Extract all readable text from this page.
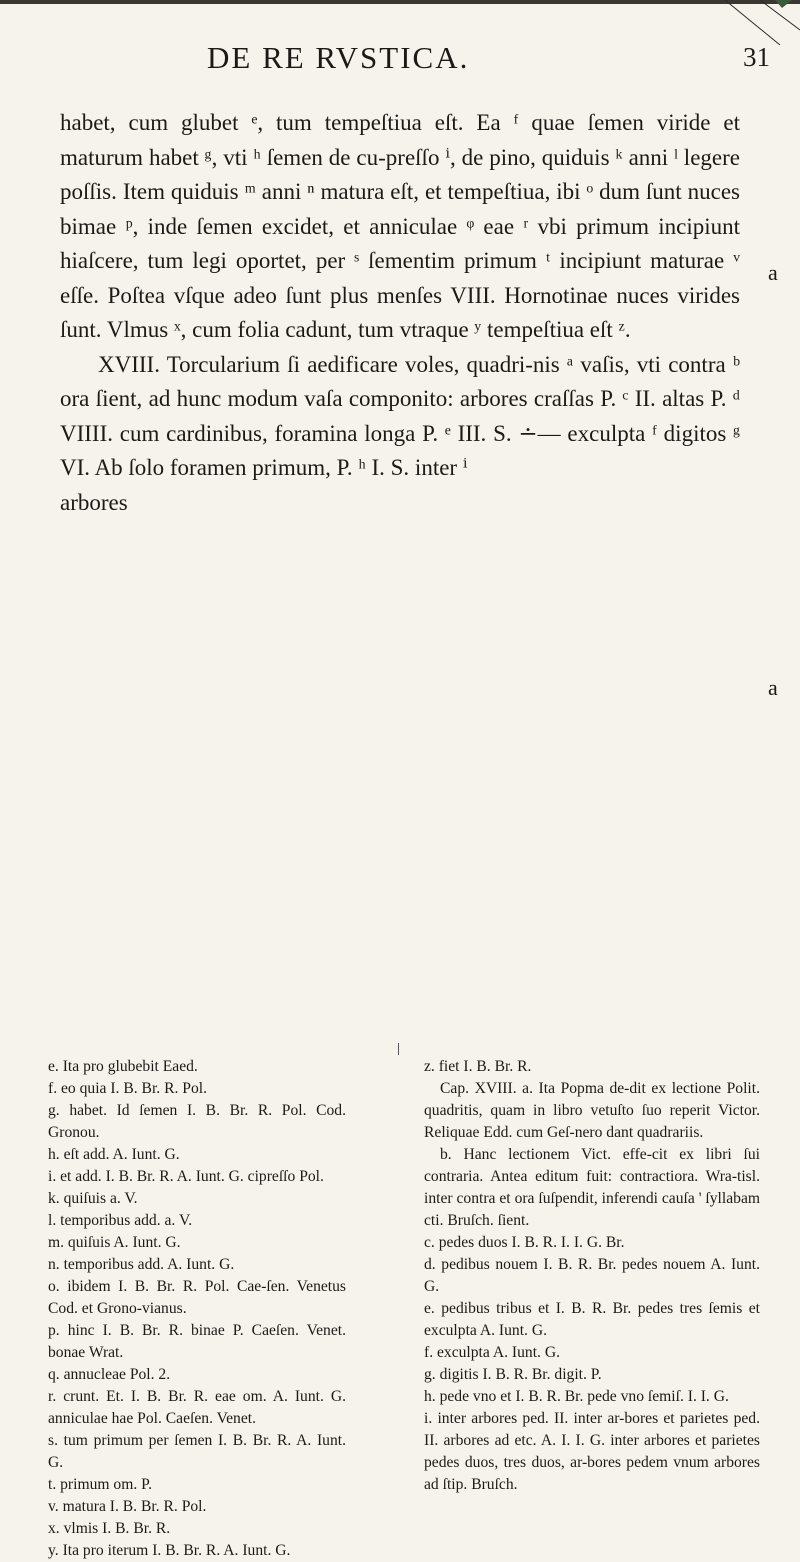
DE RE RVSTICA.	31

habet, cum glubet ᵉ, tum tempeſtiua eſt. Ea ᶠ quae ſemen viride et maturum habet ᵍ, vti ʰ ſemen de cu-preſſo ⁱ, de pino, quiduis ᵏ anni ˡ legere poſſis. Item quiduis ᵐ anni ⁿ matura eſt, et tempeſtiua, ibi ᵒ dum ſunt nuces bimae ᵖ, inde ſemen excidet, et anniculae ᵠ eae ʳ vbi primum incipiunt hiaſcere, tum legi oportet, per ˢ ſementim primum ᵗ incipiunt maturae ᵛ eſſe. Poſtea vſque adeo ſunt plus menſes VIII. Hornotinae nuces virides ſunt. Vlmus ˣ, cum folia cadunt, tum vtraque ʸ tempeſtiua eſt ᶻ.

XVIII. Torcularium ſi aedificare voles, quadri-nis ᵃ vaſis, vti contra ᵇ ora ſient, ad hunc modum vaſa componito: arbores craſſas P. ᶜ II. altas P. ᵈ VIIII. cum cardinibus, foramina longa P. ᵉ III. S. ∸— exculpta ᶠ digitos ᵍ VI. Ab ſolo foramen primum, P. ʰ I. S. inter ⁱ

arbores

a
a

e. Ita pro glubebit Eaed.

f. eo quia I. B. Br. R. Pol.

g. habet. Id ſemen I. B. Br. R. Pol. Cod. Gronou.

h. eſt add. A. Iunt. G.

i. et add. I. B. Br. R. A. Iunt. G. cipreſſo Pol.

k. quiſuis a. V.

l. temporibus add. a. V.

m. quiſuis A. Iunt. G.

n. temporibus add. A. Iunt. G.

o. ibidem I. B. Br. R. Pol. Cae-ſen. Venetus Cod. et Grono-vianus.

p. hinc I. B. Br. R. binae P. Caeſen. Venet. bonae Wrat.

q. annucleae Pol. 2.

r. crunt. Et. I. B. Br. R. eae om. A. Iunt. G. anniculae hae Pol. Caeſen. Venet.

s. tum primum per ſemen I. B. Br. R. A. Iunt. G.

t. primum om. P.

v. matura I. B. Br. R. Pol.

x. vlmis I. B. Br. R.

y. Ita pro iterum I. B. Br. R. A. Iunt. G.

z. fiet I. B. Br. R.

Cap. XVIII. a. Ita Popma de-dit ex lectione Polit. quadritis, quam in libro vetuſto ſuo reperit Victor. Reliquae Edd. cum Geſ-nero dant quadrariis.

b. Hanc lectionem Vict. effe-cit ex libri ſui contraria. Antea editum fuit: contractiora. Wra-tisl. inter contra et ora ſuſpendit, inferendi cauſa ' ſyllabam cti. Bruſch. ſient.

c. pedes duos I. B. R. I. I. G. Br.

d. pedibus nouem I. B. R. Br. pedes nouem A. Iunt. G.

e. pedibus tribus et I. B. R. Br. pedes tres ſemis et exculpta A. Iunt. G.

f. exculpta A. Iunt. G.

g. digitis I. B. R. Br. digit. P.

h. pede vno et I. B. R. Br. pede vno ſemiſ. I. I. G.

i. inter arbores ped. II. inter ar-bores et parietes ped. II. arbores ad etc. A. I. I. G. inter arbores et parietes pedes duos, tres duos, ar-bores pedem vnum arbores ad ſtip. Bruſch.
